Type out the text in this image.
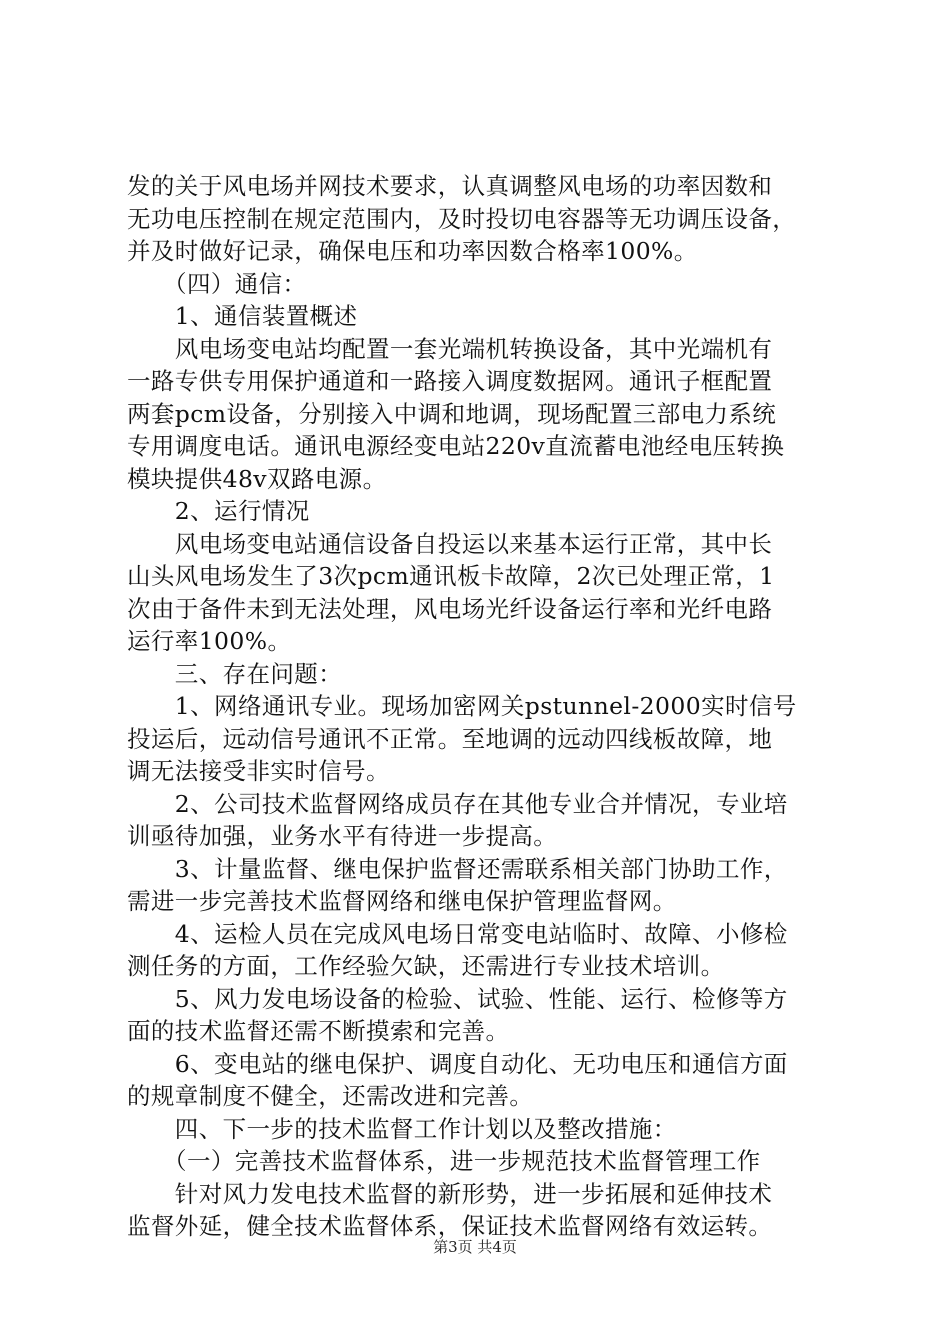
发的关于风电场并网技术要求，认真调整风电场的功率因数和
无功电压控制在规定范围内，及时投切电容器等无功调压设备，
并及时做好记录，确保电压和功率因数合格率100%。
　　（四）通信：
　　1、通信装置概述
　　风电场变电站均配置一套光端机转换设备，其中光端机有
一路专供专用保护通道和一路接入调度数据网。通讯子框配置
两套pcm设备，分别接入中调和地调，现场配置三部电力系统
专用调度电话。通讯电源经变电站220v直流蓄电池经电压转换
模块提供48v双路电源。
　　2、运行情况
　　风电场变电站通信设备自投运以来基本运行正常，其中长
山头风电场发生了3次pcm通讯板卡故障，2次已处理正常，1
次由于备件未到无法处理，风电场光纤设备运行率和光纤电路
运行率100%。
　　三、存在问题：
　　1、网络通讯专业。现场加密网关pstunnel-2000实时信号
投运后，远动信号通讯不正常。至地调的远动四线板故障，地
调无法接受非实时信号。
　　2、公司技术监督网络成员存在其他专业合并情况，专业培
训亟待加强，业务水平有待进一步提高。
　　3、计量监督、继电保护监督还需联系相关部门协助工作，
需进一步完善技术监督网络和继电保护管理监督网。
　　4、运检人员在完成风电场日常变电站临时、故障、小修检
测任务的方面，工作经验欠缺，还需进行专业技术培训。
　　5、风力发电场设备的检验、试验、性能、运行、检修等方
面的技术监督还需不断摸索和完善。
　　6、变电站的继电保护、调度自动化、无功电压和通信方面
的规章制度不健全，还需改进和完善。
　　四、下一步的技术监督工作计划以及整改措施：
　　（一）完善技术监督体系，进一步规范技术监督管理工作
　　针对风力发电技术监督的新形势，进一步拓展和延伸技术
监督外延，健全技术监督体系，保证技术监督网络有效运转。
第3页 共4页
